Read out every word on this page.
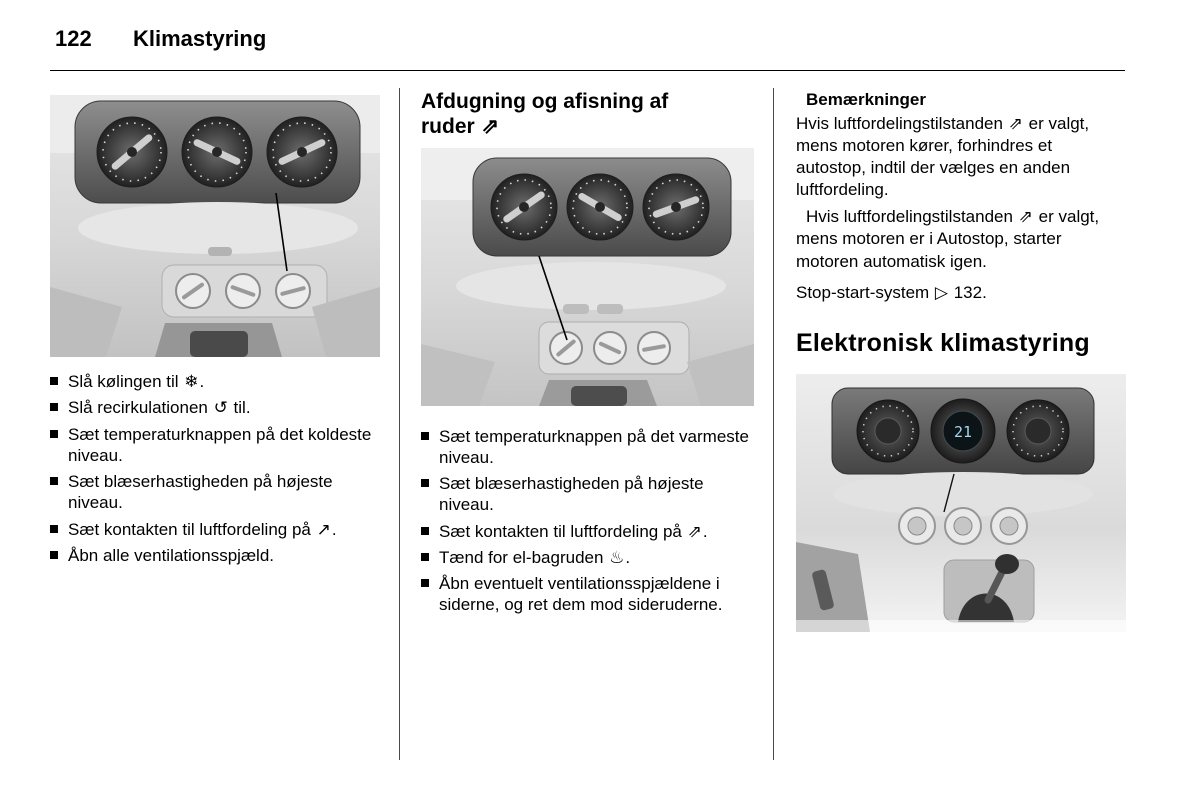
122 Klimastyring
Slå kølingen til ❄.
Slå recirkulationen ↺ til.
Sæt temperaturknappen på det koldeste niveau.
Sæt blæserhastigheden på højeste niveau.
Sæt kontakten til luftfordeling på ↗.
Åbn alle ventilationsspjæld.
Afdugning og afisning af ruder ⇗
Sæt temperaturknappen på det varmeste niveau.
Sæt blæserhastigheden på højeste niveau.
Sæt kontakten til luftfordeling på ⇗.
Tænd for el-bagruden ♨.
Åbn eventuelt ventilationsspjældene i siderne, og ret dem mod sideruderne.
Bemærkninger

Hvis luftfordelingstilstanden ⇗ er valgt, mens motoren kører, forhindres et autostop, indtil der vælges en anden luftfordeling.

Hvis luftfordelingstilstanden ⇗ er valgt, mens motoren er i Autostop, starter motoren automatisk igen.

Stop-start-system ▷ 132.

Elektronisk klimastyring
21
